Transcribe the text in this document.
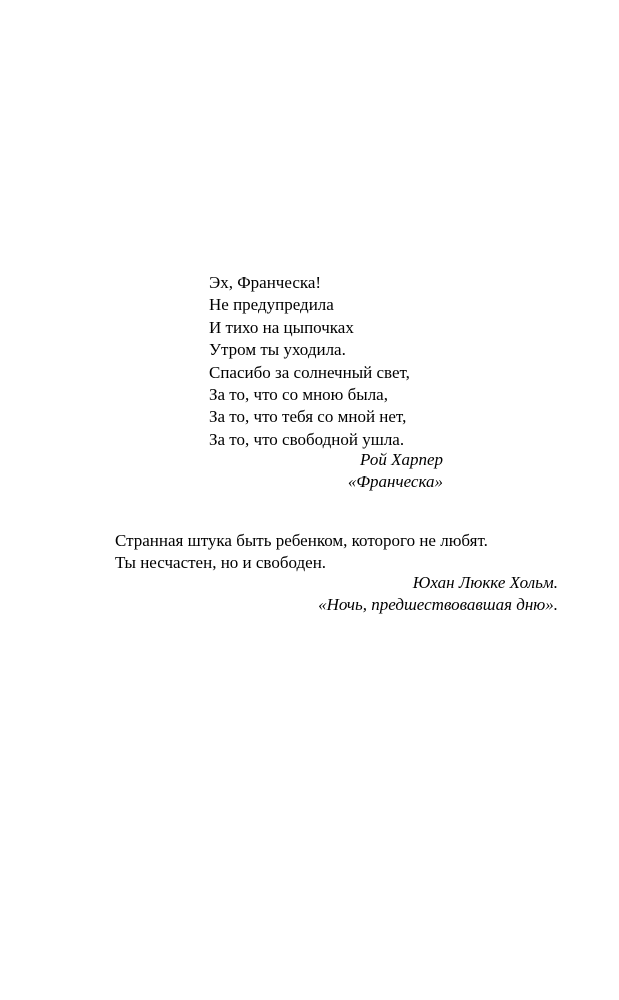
Эх, Франческа!
Не предупредила
И тихо на цыпочках
Утром ты уходила.
Спасибо за солнечный свет,
За то, что со мною была,
За то, что тебя со мной нет,
За то, что свободной ушла.
Рой Харпер
«Франческа»
Странная штука быть ребенком, которого не любят.
Ты несчастен, но и свободен.
Юхан Люкке Хольм.
«Ночь, предшествовавшая дню».
